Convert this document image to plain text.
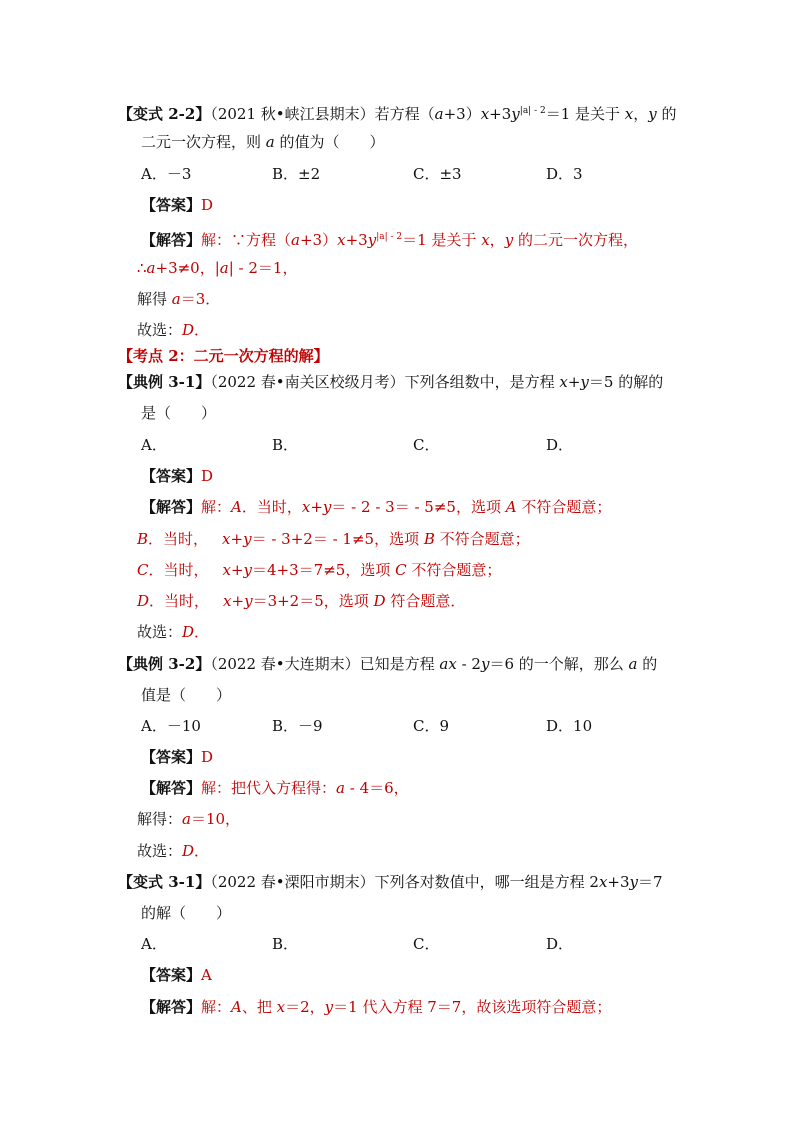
【变式 2-2】（2021 秋•峡江县期末）若方程$(a+3)x+3y^{|a| - 2}=1$ 是关于 x，y 的
二元一次方程，则 a 的值为（　　）
A．－3	B．±2	C．±3	D．3
【答案】D
【解答】解：∵方程$(a+3)x+3y^{|a| - 2}=1$ 是关于 x，y 的二元一次方程，
∴a+3≠0，|a| - 2＝1，
解得 a＝3．
故选：D．
【考点 2：二元一次方程的解】
【典例 3-1】（2022 春•南关区校级月考）下列各组数中，是方程 x+y＝5 的解的
是（　　）
A．	B．	C．	D．
【答案】D
【解答】解：A．当时，x+y＝ - 2 - 3＝ - 5≠5，选项 A 不符合题意；
B．当时， x+y＝ - 3+2＝ - 1≠5，选项 B 不符合题意；
C．当时， x+y＝4+3＝7≠5，选项 C 不符合题意；
D．当时， x+y＝3+2＝5，选项 D 符合题意．
故选：D．
【典例 3-2】（2022 春•大连期末）已知是方程 ax - 2y＝6 的一个解，那么 a 的
值是（　　）
A．－10	B．－9	C．9	D．10
【答案】D
【解答】解：把代入方程得：a - 4＝6，
解得：a＝10，
故选：D．
【变式 3-1】（2022 春•溧阳市期末）下列各对数值中，哪一组是方程 2x+3y＝7
的解（　　）
A．	B．	C．	D．
【答案】A
【解答】解：A、把 x＝2，y＝1 代入方程 7＝7，故该选项符合题意；
